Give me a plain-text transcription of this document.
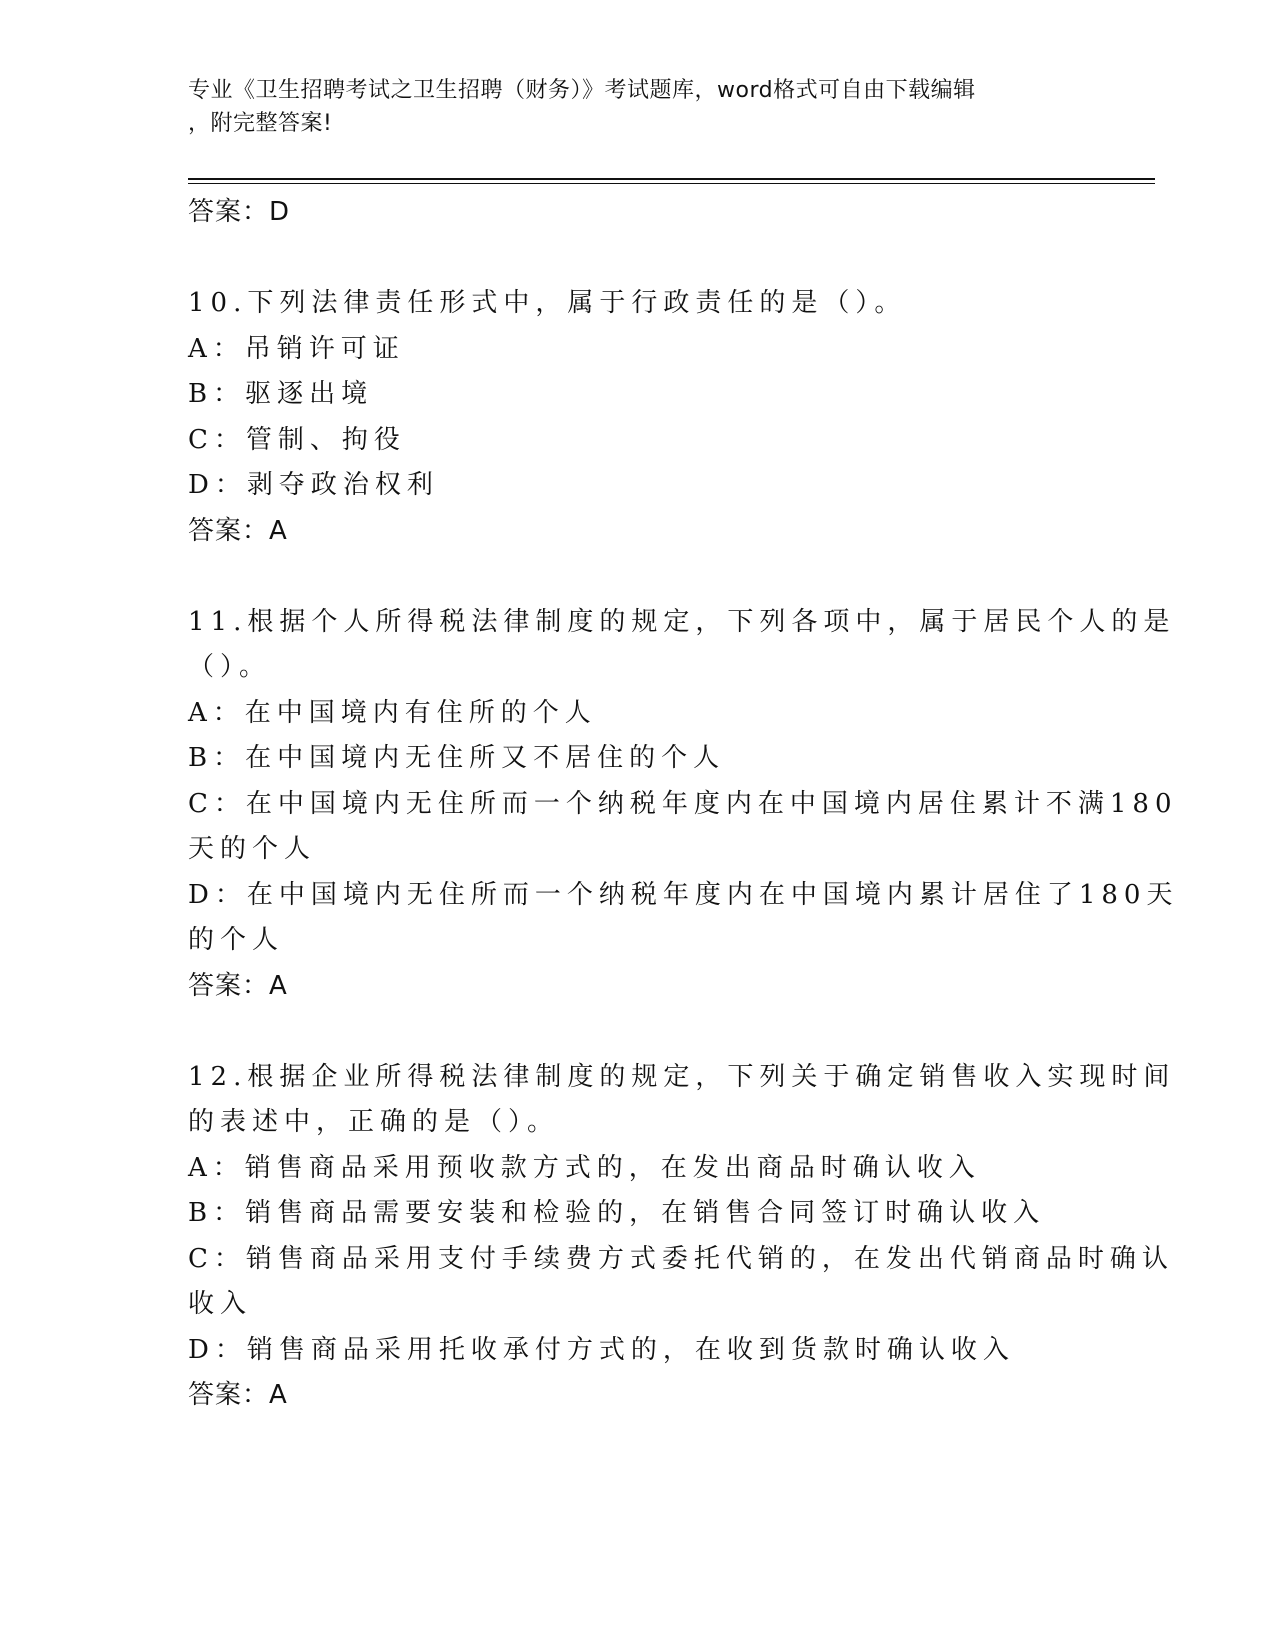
专业《卫生招聘考试之卫生招聘（财务）》考试题库，word格式可自由下载编辑
，附完整答案!
答案：D
10.下列法律责任形式中，属于行政责任的是（）。
A：吊销许可证
B：驱逐出境
C：管制、拘役
D：剥夺政治权利
答案：A
11.根据个人所得税法律制度的规定，下列各项中，属于居民个人的是
（）。
A：在中国境内有住所的个人
B：在中国境内无住所又不居住的个人
C：在中国境内无住所而一个纳税年度内在中国境内居住累计不满180
天的个人
D：在中国境内无住所而一个纳税年度内在中国境内累计居住了180天
的个人
答案：A
12.根据企业所得税法律制度的规定，下列关于确定销售收入实现时间
的表述中，正确的是（）。
A：销售商品采用预收款方式的，在发出商品时确认收入
B：销售商品需要安装和检验的，在销售合同签订时确认收入
C：销售商品采用支付手续费方式委托代销的，在发出代销商品时确认
收入
D：销售商品采用托收承付方式的，在收到货款时确认收入
答案：A
